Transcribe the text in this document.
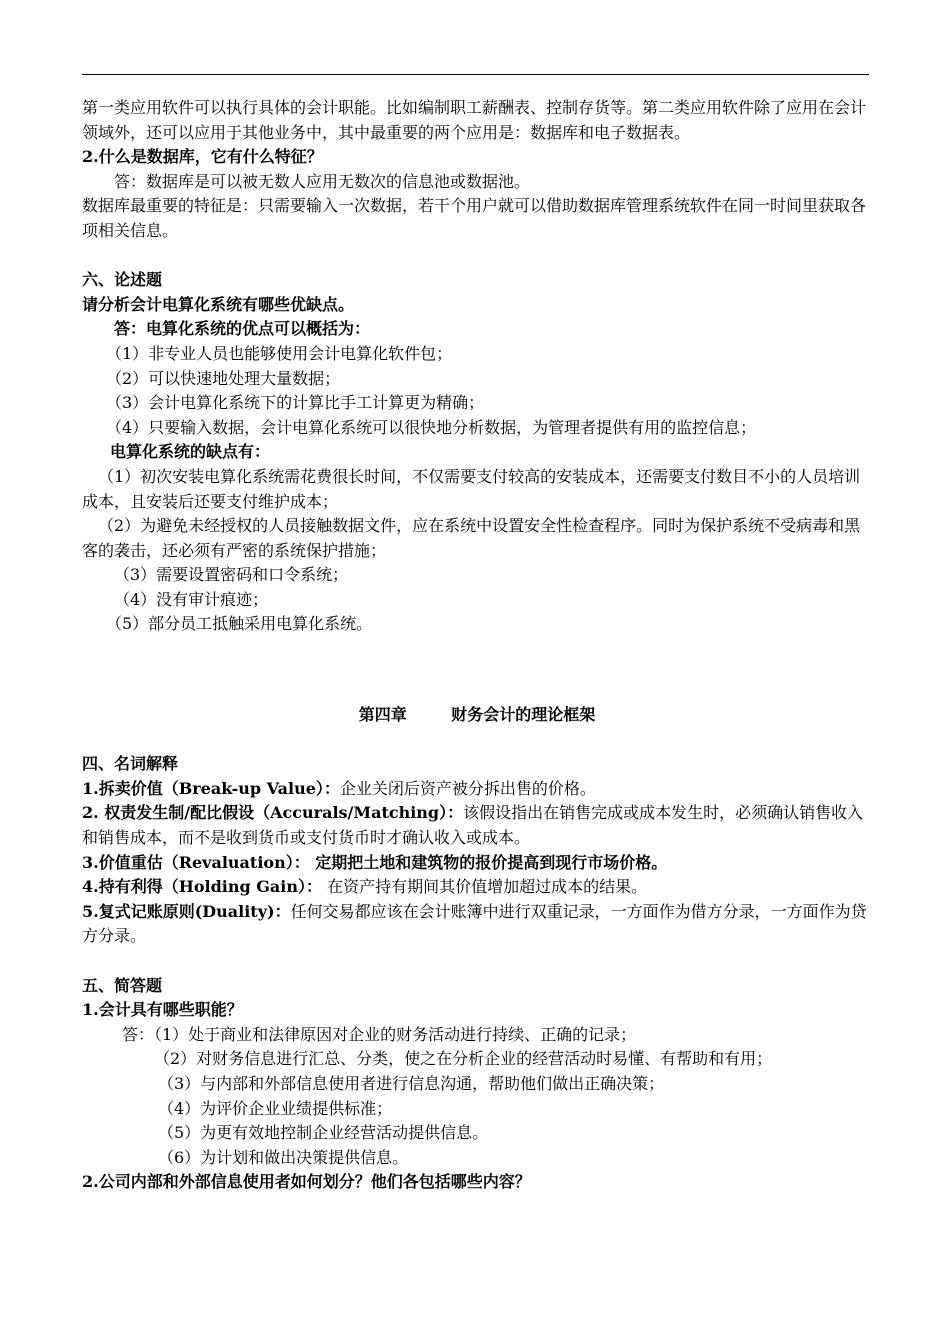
第一类应用软件可以执行具体的会计职能。比如编制职工薪酬表、控制存货等。第二类应用软件除了应用在会计领域外，还可以应用于其他业务中，其中最重要的两个应用是：数据库和电子数据表。

2.什么是数据库，它有什么特征？

答：数据库是可以被无数人应用无数次的信息池或数据池。

数据库最重要的特征是：只需要输入一次数据，若干个用户就可以借助数据库管理系统软件在同一时间里获取各项相关信息。

六、论述题

请分析会计电算化系统有哪些优缺点。

答：电算化系统的优点可以概括为：

（1）非专业人员也能够使用会计电算化软件包；

（2）可以快速地处理大量数据；

（3）会计电算化系统下的计算比手工计算更为精确；

（4）只要输入数据，会计电算化系统可以很快地分析数据，为管理者提供有用的监控信息；

电算化系统的缺点有：

（1）初次安装电算化系统需花费很长时间，不仅需要支付较高的安装成本，还需要支付数目不小的人员培训成本，且安装后还要支付维护成本；

（2）为避免未经授权的人员接触数据文件，应在系统中设置安全性检查程序。同时为保护系统不受病毒和黑客的袭击，还必须有严密的系统保护措施；

（3）需要设置密码和口令系统；

（4）没有审计痕迹；

（5）部分员工抵触采用电算化系统。

第四章        财务会计的理论框架

四、名词解释

1.拆卖价值（Break-up Value）：企业关闭后资产被分拆出售的价格。

2. 权责发生制/配比假设（Accurals/Matching）：该假设指出在销售完成或成本发生时，必须确认销售收入和销售成本，而不是收到货币或支付货币时才确认收入或成本。

3.价值重估（Revaluation）： 定期把土地和建筑物的报价提高到现行市场价格。

4.持有利得（Holding Gain）： 在资产持有期间其价值增加超过成本的结果。

5.复式记账原则(Duality)：任何交易都应该在会计账簿中进行双重记录，一方面作为借方分录，一方面作为贷方分录。

五、简答题

1.会计具有哪些职能？

答：（1）处于商业和法律原因对企业的财务活动进行持续、正确的记录；

（2）对财务信息进行汇总、分类，使之在分析企业的经营活动时易懂、有帮助和有用；

（3）与内部和外部信息使用者进行信息沟通，帮助他们做出正确决策；

（4）为评价企业业绩提供标准；

（5）为更有效地控制企业经营活动提供信息。

（6）为计划和做出决策提供信息。

2.公司内部和外部信息使用者如何划分？他们各包括哪些内容？
